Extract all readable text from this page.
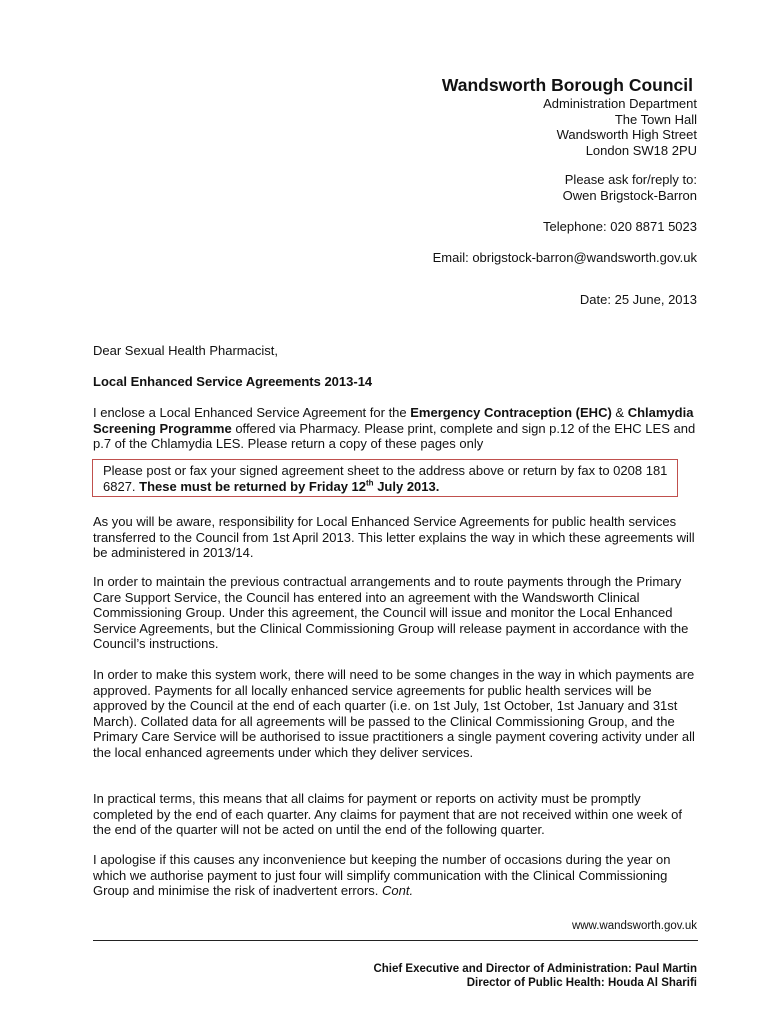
Wandsworth Borough Council
Administration Department
The Town Hall
Wandsworth High Street
London SW18 2PU
Please ask for/reply to:
Owen Brigstock-Barron
Telephone: 020 8871 5023
Email: obrigstock-barron@wandsworth.gov.uk
Date: 25 June, 2013
Dear Sexual Health Pharmacist,
Local Enhanced Service Agreements 2013-14
I enclose a Local Enhanced Service Agreement for the Emergency Contraception (EHC) & Chlamydia Screening Programme offered via Pharmacy. Please print, complete and sign p.12 of the EHC LES and p.7 of the Chlamydia LES. Please return a copy of these pages only
Please post or fax your signed agreement sheet to the address above or return by fax to 0208 181 6827. These must be returned by Friday 12th July 2013.
As you will be aware, responsibility for Local Enhanced Service Agreements for public health services transferred to the Council from 1st April 2013. This letter explains the way in which these agreements will be administered in 2013/14.
In order to maintain the previous contractual arrangements and to route payments through the Primary Care Support Service, the Council has entered into an agreement with the Wandsworth Clinical Commissioning Group. Under this agreement, the Council will issue and monitor the Local Enhanced Service Agreements, but the Clinical Commissioning Group will release payment in accordance with the Council’s instructions.
In order to make this system work, there will need to be some changes in the way in which payments are approved. Payments for all locally enhanced service agreements for public health services will be approved by the Council at the end of each quarter (i.e. on 1st July, 1st October, 1st January and 31st March). Collated data for all agreements will be passed to the Clinical Commissioning Group, and the Primary Care Service will be authorised to issue practitioners a single payment covering activity under all the local enhanced agreements under which they deliver services.
In practical terms, this means that all claims for payment or reports on activity must be promptly completed by the end of each quarter. Any claims for payment that are not received within one week of the end of the quarter will not be acted on until the end of the following quarter.
I apologise if this causes any inconvenience but keeping the number of occasions during the year on which we authorise payment to just four will simplify communication with the Clinical Commissioning Group and minimise the risk of inadvertent errors. Cont.
www.wandsworth.gov.uk
Chief Executive and Director of Administration: Paul Martin
Director of Public Health: Houda Al Sharifi
